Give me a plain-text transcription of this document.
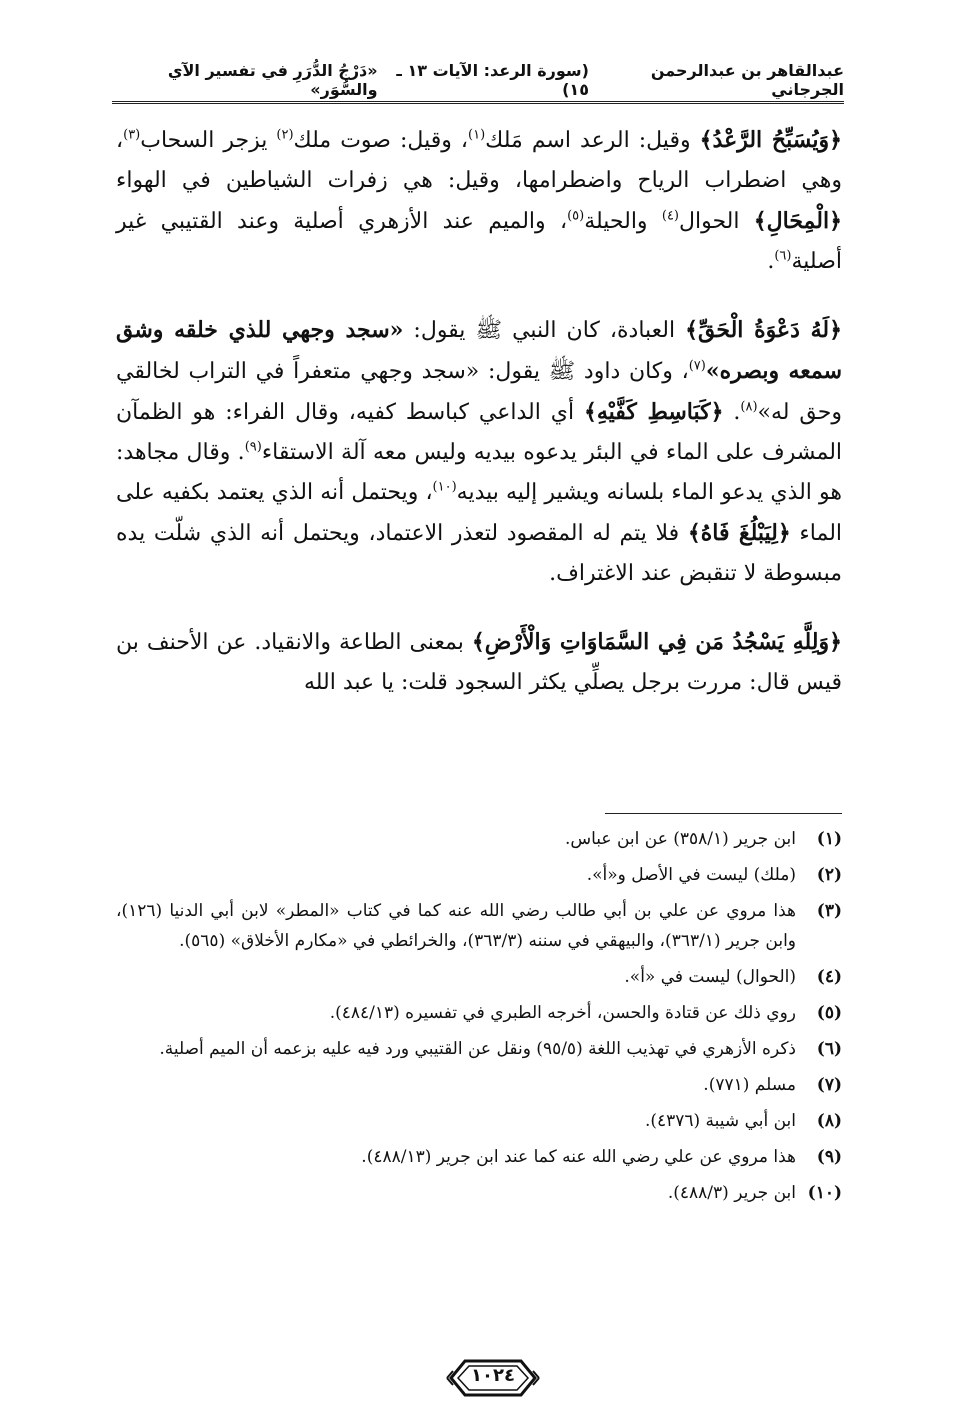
عبدالقاهر بن عبدالرحمن الجرجاني
(سورة الرعد: الآيات ١٣ ـ ١٥)
«دَرْجُ الدُّرَرِ في تفسير الآي والسُّوَر»

﴿وَيُسَبِّحُ الرَّعْدُ﴾ وقيل: الرعد اسم مَلك$^{(١)}$، وقيل: صوت ملك$^{(٢)}$ يزجر السحاب$^{(٣)}$، وهي اضطراب الرياح واضطرامها، وقيل: هي زفرات الشياطين في الهواء ﴿الْمِحَالِ﴾ الحوال$^{(٤)}$ والحيلة$^{(٥)}$، والميم عند الأزهري أصلية وعند القتيبي غير أصلية$^{(٦)}$.

﴿لَهُ دَعْوَةُ الْحَقِّ﴾ العبادة، كان النبي ﷺ يقول: «سجد وجهي للذي خلقه وشق سمعه وبصره»$^{(٧)}$، وكان داود ﷺ يقول: «سجد وجهي متعفراً في التراب لخالقي وحق له»$^{(٨)}$. ﴿كَبَاسِطِ كَفَّيْهِ﴾ أي الداعي كباسط كفيه، وقال الفراء: هو الظمآن المشرف على الماء في البئر يدعوه بيديه وليس معه آلة الاستقاء$^{(٩)}$. وقال مجاهد: هو الذي يدعو الماء بلسانه ويشير إليه بيديه$^{(١٠)}$، ويحتمل أنه الذي يعتمد بكفيه على الماء ﴿لِيَبْلُغَ فَاهُ﴾ فلا يتم له المقصود لتعذر الاعتماد، ويحتمل أنه الذي شلّت يده مبسوطة لا تنقبض عند الاغتراف.

﴿وَلِلَّهِ يَسْجُدُ مَن فِي السَّمَاوَاتِ وَالْأَرْضِ﴾ بمعنى الطاعة والانقياد. عن الأحنف بن قيس قال: مررت برجل يصلِّي يكثر السجود قلت: يا عبد الله

(١)
ابن جرير (٣٥٨/١) عن ابن عباس.
(٢)
(ملك) ليست في الأصل و«أ».
(٣)
هذا مروي عن علي بن أبي طالب رضي الله عنه كما في كتاب «المطر» لابن أبي الدنيا (١٢٦)، وابن جرير (٣٦٣/١)، والبيهقي في سننه (٣٦٣/٣)، والخرائطي في «مكارم الأخلاق» (٥٦٥).
(٤)
(الحوال) ليست في «أ».
(٥)
روي ذلك عن قتادة والحسن، أخرجه الطبري في تفسيره (٤٨٤/١٣).
(٦)
ذكره الأزهري في تهذيب اللغة (٩٥/٥) ونقل عن القتيبي ورد فيه عليه بزعمه أن الميم أصلية.
(٧)
مسلم (٧٧١).
(٨)
ابن أبي شيبة (٤٣٧٦).
(٩)
هذا مروي عن علي رضي الله عنه كما عند ابن جرير (٤٨٨/١٣).
(١٠)
ابن جرير (٤٨٨/٣).
١٠٢٤
